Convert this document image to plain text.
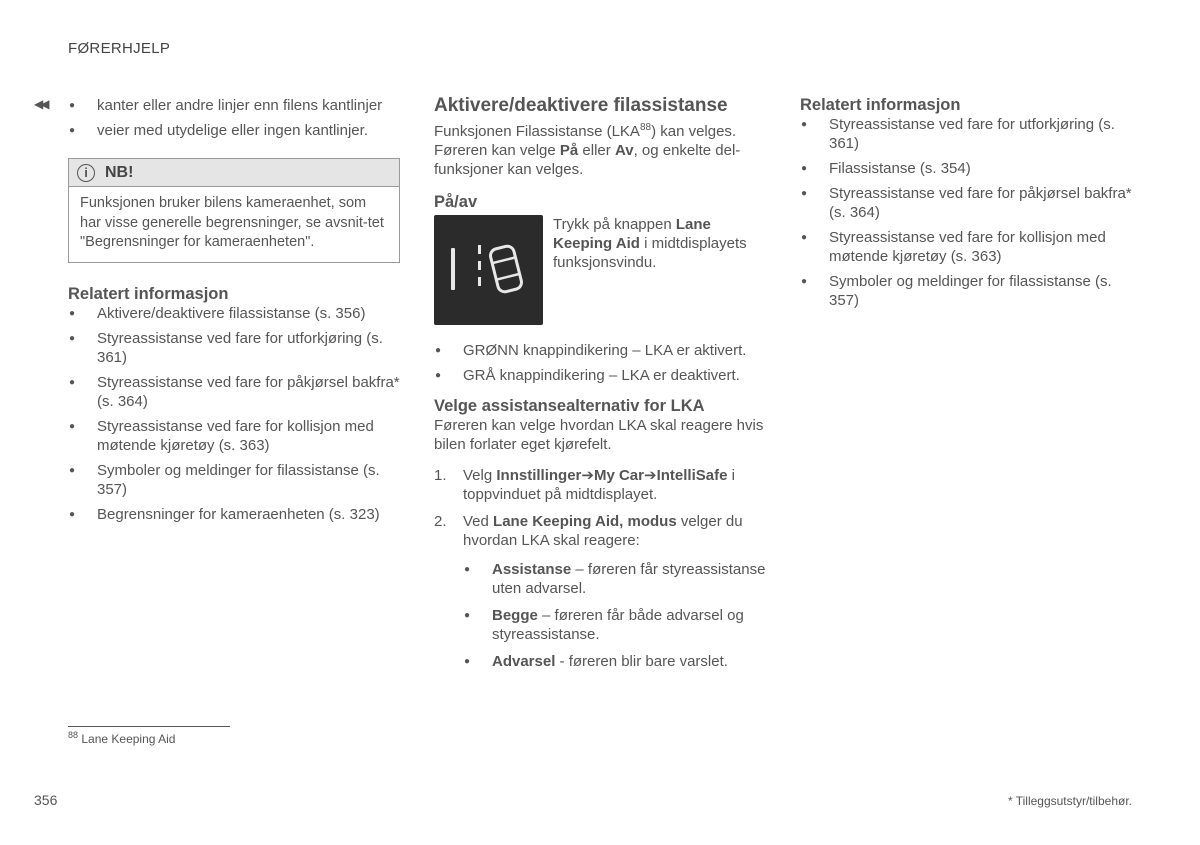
FØRERHJELP
◀◀
●	kanter eller andre linjer enn filens kantlinjer
● veier med utydelige eller ingen kantlinjer.
i	NB!
Funksjonen bruker bilens kameraenhet, som har visse generelle begrensninger, se avsnit-tet "Begrensninger for kameraenheten".
Relatert informasjon
● Aktivere/deaktivere filassistanse (s. 356)
● Styreassistanse ved fare for utforkjøring (s. 361)
● Styreassistanse ved fare for påkjørsel bakfra* (s. 364)
● Styreassistanse ved fare for kollisjon med møtende kjøretøy (s. 363)
● Symboler og meldinger for filassistanse (s. 357)
● Begrensninger for kameraenheten (s. 323)
Aktivere/deaktivere filassistanse

Funksjonen Filassistanse (LKA$^{88}$) kan velges. Føreren kan velge På eller Av, og enkelte del-funksjoner kan velges.

På/av
Trykk på knappen Lane Keeping Aid i midtdisplayets funksjonsvindu.
● GRØNN knappindikering – LKA er aktivert.
● GRÅ knappindikering – LKA er deaktivert.
Velge assistansealternativ for LKA

Føreren kan velge hvordan LKA skal reagere hvis bilen forlater eget kjørefelt.

1. Velg Innstillinger➔My Car➔IntelliSafe i toppvinduet på midtdisplayet.
2. Ved Lane Keeping Aid, modus velger du hvordan LKA skal reagere:
● Assistanse – føreren får styreassistanse uten advarsel.
● Begge – føreren får både advarsel og styreassistanse.
● Advarsel - føreren blir bare varslet.
Relatert informasjon
● Styreassistanse ved fare for utforkjøring (s. 361)
● Filassistanse (s. 354)
● Styreassistanse ved fare for påkjørsel bakfra* (s. 364)
● Styreassistanse ved fare for kollisjon med møtende kjøretøy (s. 363)
● Symboler og meldinger for filassistanse (s. 357)
$^{88}$ Lane Keeping Aid
356	* Tilleggsutstyr/tilbehør.
